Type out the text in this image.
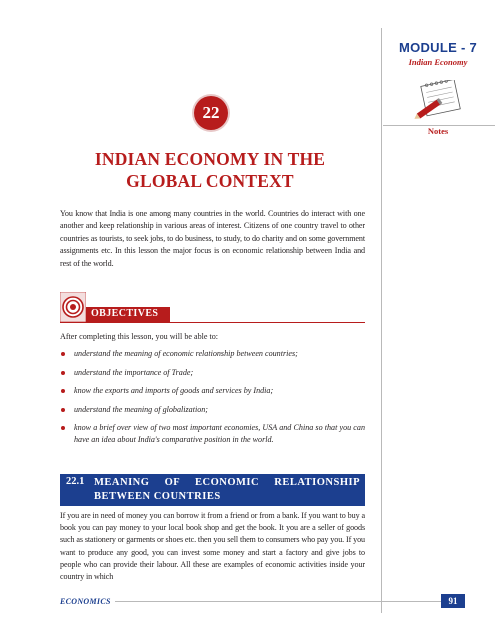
MODULE - 7
Indian Economy
Notes
22
INDIAN ECONOMY IN THE
GLOBAL CONTEXT
You know that India is one among many countries in the world. Countries do interact with one another and keep relationship in various areas of interest. Citizens of one country travel to other countries as tourists, to seek jobs, to do business, to study, to do charity and on some government assignments etc. In this lesson the major focus is on economic relationship between India and rest of the world.
OBJECTIVES
After completing this lesson, you will be able to:
understand the meaning of economic relationship between countries;
understand the importance of Trade;
know the exports and imports of goods and services by India;
understand the meaning of globalization;
know a brief over view of two most important economies, USA and China so that you can have an idea about India's comparative position in the world.
22.1 MEANING OF ECONOMIC RELATIONSHIP BETWEEN COUNTRIES
If you are in need of money you can borrow it from a friend or from a bank. If you want to buy a book you can pay money to your local book shop and get the book. It you are a seller of goods such as stationery or garments or shoes etc. then you sell them to consumers who pay you. If you want to produce any good, you can invest some money and start a factory and give jobs to people who can provide their labour. All these are examples of economic activities inside your country in which
ECONOMICS	91
